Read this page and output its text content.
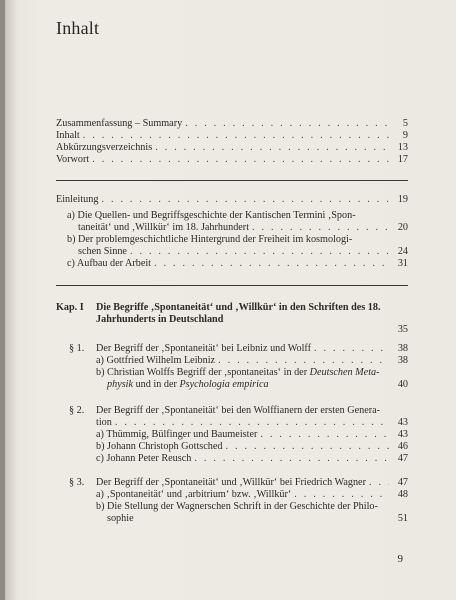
Inhalt
Zusammenfassung – Summary . . .	5
Inhalt . . .	9
Abkürzungsverzeichnis . . .	13
Vorwort . . .	17
Einleitung . . .	19
a) Die Quellen- und Begriffsgeschichte der Kantischen Termini ‚Spon-
taneität‘ und ‚Willkür‘ im 18. Jahrhundert . . .	20
b) Der problemgeschichtliche Hintergrund der Freiheit im kosmologi-
schen Sinne . . .	24
c) Aufbau der Arbeit . . .	31
Kap. I Die Begriffe ‚Spontaneität‘ und ‚Willkür‘ in den Schriften des 18.
Jahrhunderts in Deutschland
35
§ 1. Der Begriff der ‚Spontaneität‘ bei Leibniz und Wolff . . .	38
a) Gottfried Wilhelm Leibniz . . .	38
b) Christian Wolffs Begriff der ‚spontaneitas‘ in der Deutschen Meta-
physik und in der Psychologia empirica	40
§ 2. Der Begriff der ‚Spontaneität‘ bei den Wolffianern der ersten Genera-
tion . . .	43
a) Thümmig, Bülfinger und Baumeister . . .	43
b) Johann Christoph Gottsched . . .	46
c) Johann Peter Reusch . . .	47
§ 3. Der Begriff der ‚Spontaneität‘ und ‚Willkür‘ bei Friedrich Wagner . . .	47
a) ‚Spontaneität‘ und ‚arbitrium‘ bzw. ‚Willkür‘ . . .	48
b) Die Stellung der Wagnerschen Schrift in der Geschichte der Philo-
sophie	51
9
